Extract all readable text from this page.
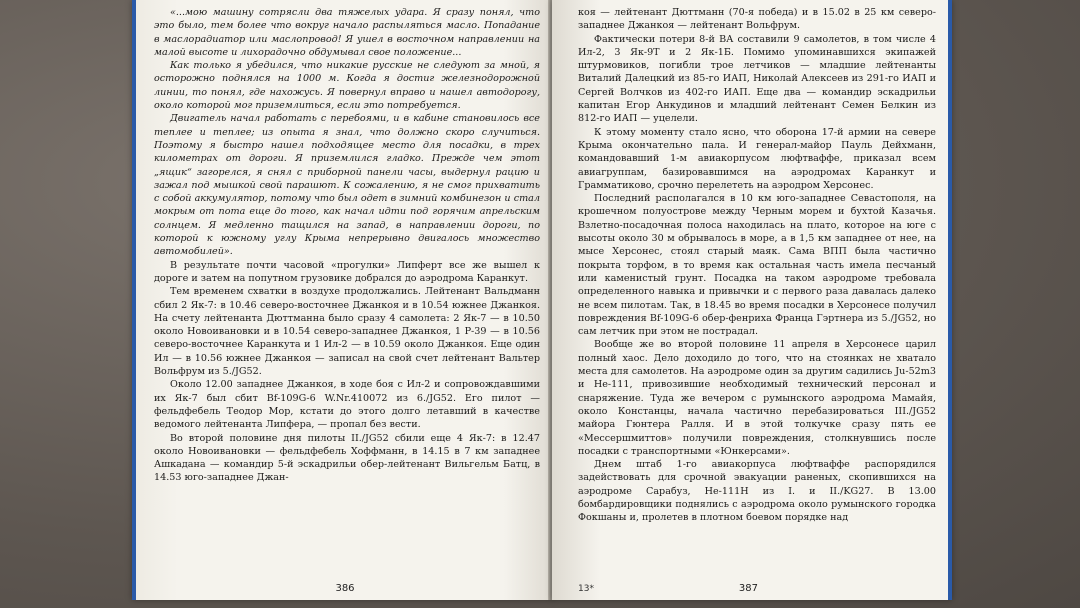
«...мою машину сотрясли два тяжелых удара. Я сразу понял, что это было, тем более что вокруг начало распыляться масло. Попадание в маслорадиатор или маслопровод! Я ушел в восточном направлении на малой высоте и лихорадочно обдумывал свое положение...

Как только я убедился, что никакие русские не следуют за мной, я осторожно поднялся на 1000 м. Когда я достиг железнодорожной линии, то понял, где нахожусь. Я повернул вправо и нашел автодорогу, около которой мог приземлиться, если это потребуется.

Двигатель начал работать с перебоями, и в кабине становилось все теплее и теплее; из опыта я знал, что должно скоро случиться. Поэтому я быстро нашел подходящее место для посадки, в трех километрах от дороги. Я приземлился гладко. Прежде чем этот „ящик“ загорелся, я снял с приборной панели часы, выдернул рацию и зажал под мышкой свой парашют. К сожалению, я не смог прихватить с собой аккумулятор, потому что был одет в зимний комбинезон и стал мокрым от пота еще до того, как начал идти под горячим апрельским солнцем. Я медленно тащился на запад, в направлении дороги, по которой к южному углу Крыма непрерывно двигалось множество автомобилей».

В результате почти часовой «прогулки» Липферт все же вышел к дороге и затем на попутном грузовике добрался до аэродрома Каранкут.

Тем временем схватки в воздухе продолжались. Лейтенант Вальдманн сбил 2 Як-7: в 10.46 северо-восточнее Джанкоя и в 10.54 южнее Джанкоя. На счету лейтенанта Дюттманна было сразу 4 самолета: 2 Як-7 — в 10.50 около Новоивановки и в 10.54 северо-западнее Джанкоя, 1 Р-39 — в 10.56 северо-восточнее Каранкута и 1 Ил-2 — в 10.59 около Джанкоя. Еще один Ил — в 10.56 южнее Джанкоя — записал на свой счет лейтенант Вальтер Вольфрум из 5./JG52.

Около 12.00 западнее Джанкоя, в ходе боя с Ил-2 и сопровождавшими их Як-7 был сбит Bf-109G-6 W.Nr.410072 из 6./JG52. Его пилот — фельдфебель Теодор Мор, кстати до этого долго летавший в качестве ведомого лейтенанта Липфера, — пропал без вести.

Во второй половине дня пилоты II./JG52 сбили еще 4 Як-7: в 12.47 около Новоивановки — фельдфебель Хоффманн, в 14.15 в 7 км западнее Ашкадана — командир 5-й эскадрильи обер-лейтенант Вильгельм Батц, в 14.53 юго-западнее Джан-

386

коя — лейтенант Дюттманн (70-я победа) и в 15.02 в 25 км северо-западнее Джанкоя — лейтенант Вольфрум.

Фактически потери 8-й ВА составили 9 самолетов, в том числе 4 Ил-2, 3 Як-9Т и 2 Як-1Б. Помимо упоминавшихся экипажей штурмовиков, погибли трое летчиков — младшие лейтенанты Виталий Далецкий из 85-го ИАП, Николай Алексеев из 291-го ИАП и Сергей Волчков из 402-го ИАП. Еще два — командир эскадрильи капитан Егор Анкудинов и младший лейтенант Семен Белкин из 812-го ИАП — уцелели.

К этому моменту стало ясно, что оборона 17-й армии на севере Крыма окончательно пала. И генерал-майор Пауль Дейхманн, командовавший 1-м авиакорпусом люфтваффе, приказал всем авиагруппам, базировавшимся на аэродромах Каранкут и Грамматиково, срочно перелететь на аэродром Херсонес.

Последний располагался в 10 км юго-западнее Севастополя, на крошечном полуострове между Черным морем и бухтой Казачья. Взлетно-посадочная полоса находилась на плато, которое на юге с высоты около 30 м обрывалось в море, а в 1,5 км западнее от нее, на мысе Херсонес, стоял старый маяк. Сама ВПП была частично покрыта торфом, в то время как остальная часть имела песчаный или каменистый грунт. Посадка на таком аэродроме требовала определенного навыка и привычки и с первого раза давалась далеко не всем пилотам. Так, в 18.45 во время посадки в Херсонесе получил повреждения Bf-109G-6 обер-фенриха Франца Гэртнера из 5./JG52, но сам летчик при этом не пострадал.

Вообще же во второй половине 11 апреля в Херсонесе царил полный хаос. Дело доходило до того, что на стоянках не хватало места для самолетов. На аэродроме один за другим садились Ju-52m3 и Не-111, привозившие необходимый технический персонал и снаряжение. Туда же вечером с румынского аэродрома Мамайя, около Констанцы, начала частично перебазироваться III./JG52 майора Гюнтера Ралля. И в этой толкучке сразу пять ее «Мессершмиттов» получили повреждения, столкнувшись после посадки с транспортными «Юнкерсами».

Днем штаб 1-го авиакорпуса люфтваффе распорядился задействовать для срочной эвакуации раненых, скопившихся на аэродроме Сарабуз, Не-111Н из I. и II./KG27. В 13.00 бомбардировщики поднялись с аэродрома около румынского городка Фокшаны и, пролетев в плотном боевом порядке над

13*	387
